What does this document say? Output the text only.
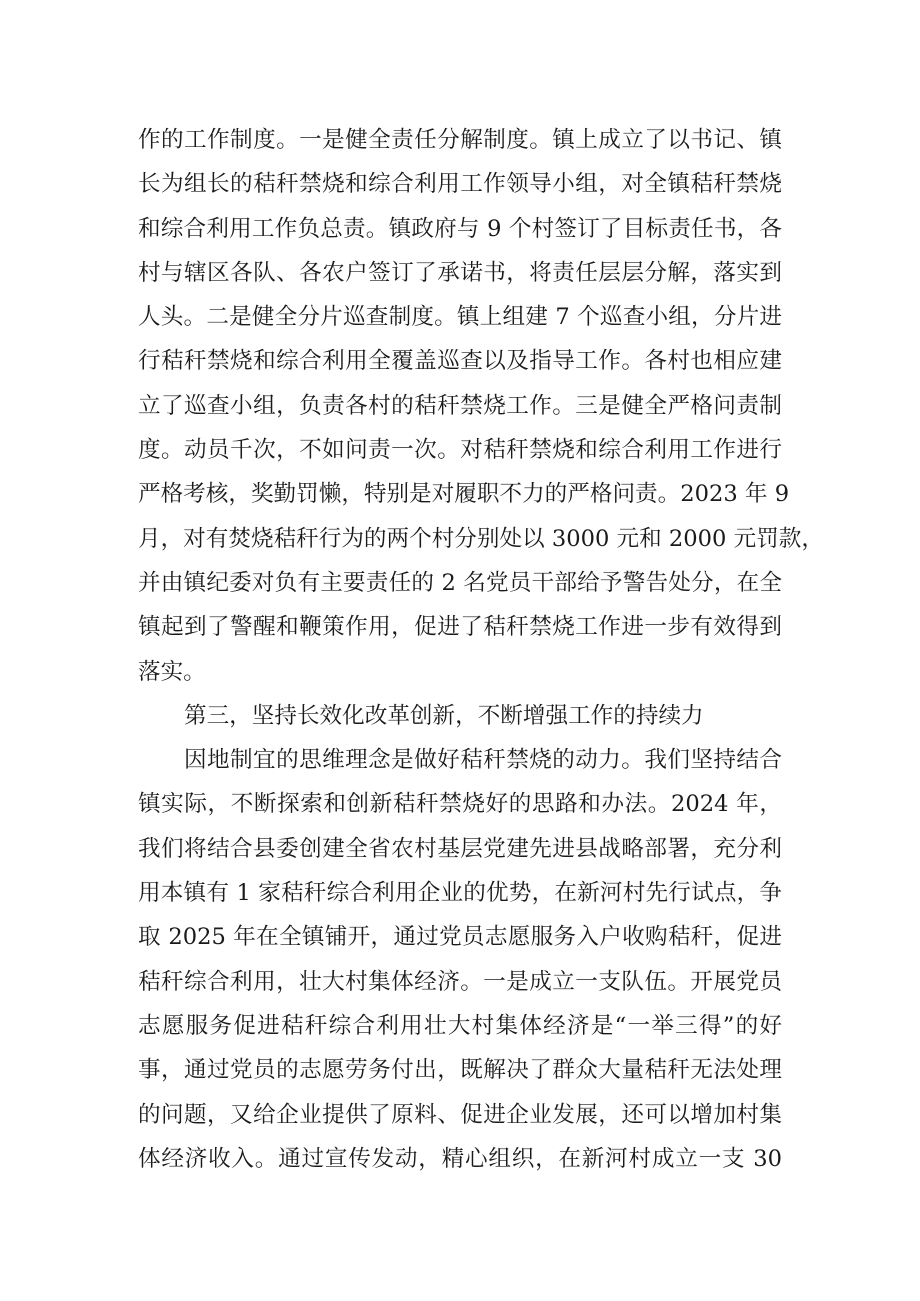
作的工作制度。一是健全责任分解制度。镇上成立了以书记、镇
长为组长的秸秆禁烧和综合利用工作领导小组，对全镇秸秆禁烧
和综合利用工作负总责。镇政府与 9 个村签订了目标责任书，各
村与辖区各队、各农户签订了承诺书，将责任层层分解，落实到
人头。二是健全分片巡查制度。镇上组建 7 个巡查小组，分片进
行秸秆禁烧和综合利用全覆盖巡查以及指导工作。各村也相应建
立了巡查小组，负责各村的秸秆禁烧工作。三是健全严格问责制
度。动员千次，不如问责一次。对秸秆禁烧和综合利用工作进行
严格考核，奖勤罚懒，特别是对履职不力的严格问责。2023 年 9
月，对有焚烧秸秆行为的两个村分别处以 3000 元和 2000 元罚款，
并由镇纪委对负有主要责任的 2 名党员干部给予警告处分，在全
镇起到了警醒和鞭策作用，促进了秸秆禁烧工作进一步有效得到
落实。
第三，坚持长效化改革创新，不断增强工作的持续力
因地制宜的思维理念是做好秸秆禁烧的动力。我们坚持结合
镇实际，不断探索和创新秸秆禁烧好的思路和办法。2024 年，
我们将结合县委创建全省农村基层党建先进县战略部署，充分利
用本镇有 1 家秸秆综合利用企业的优势，在新河村先行试点，争
取 2025 年在全镇铺开，通过党员志愿服务入户收购秸秆，促进
秸秆综合利用，壮大村集体经济。一是成立一支队伍。开展党员
志愿服务促进秸秆综合利用壮大村集体经济是“一举三得”的好
事，通过党员的志愿劳务付出，既解决了群众大量秸秆无法处理
的问题，又给企业提供了原料、促进企业发展，还可以增加村集
体经济收入。通过宣传发动，精心组织，在新河村成立一支 30
